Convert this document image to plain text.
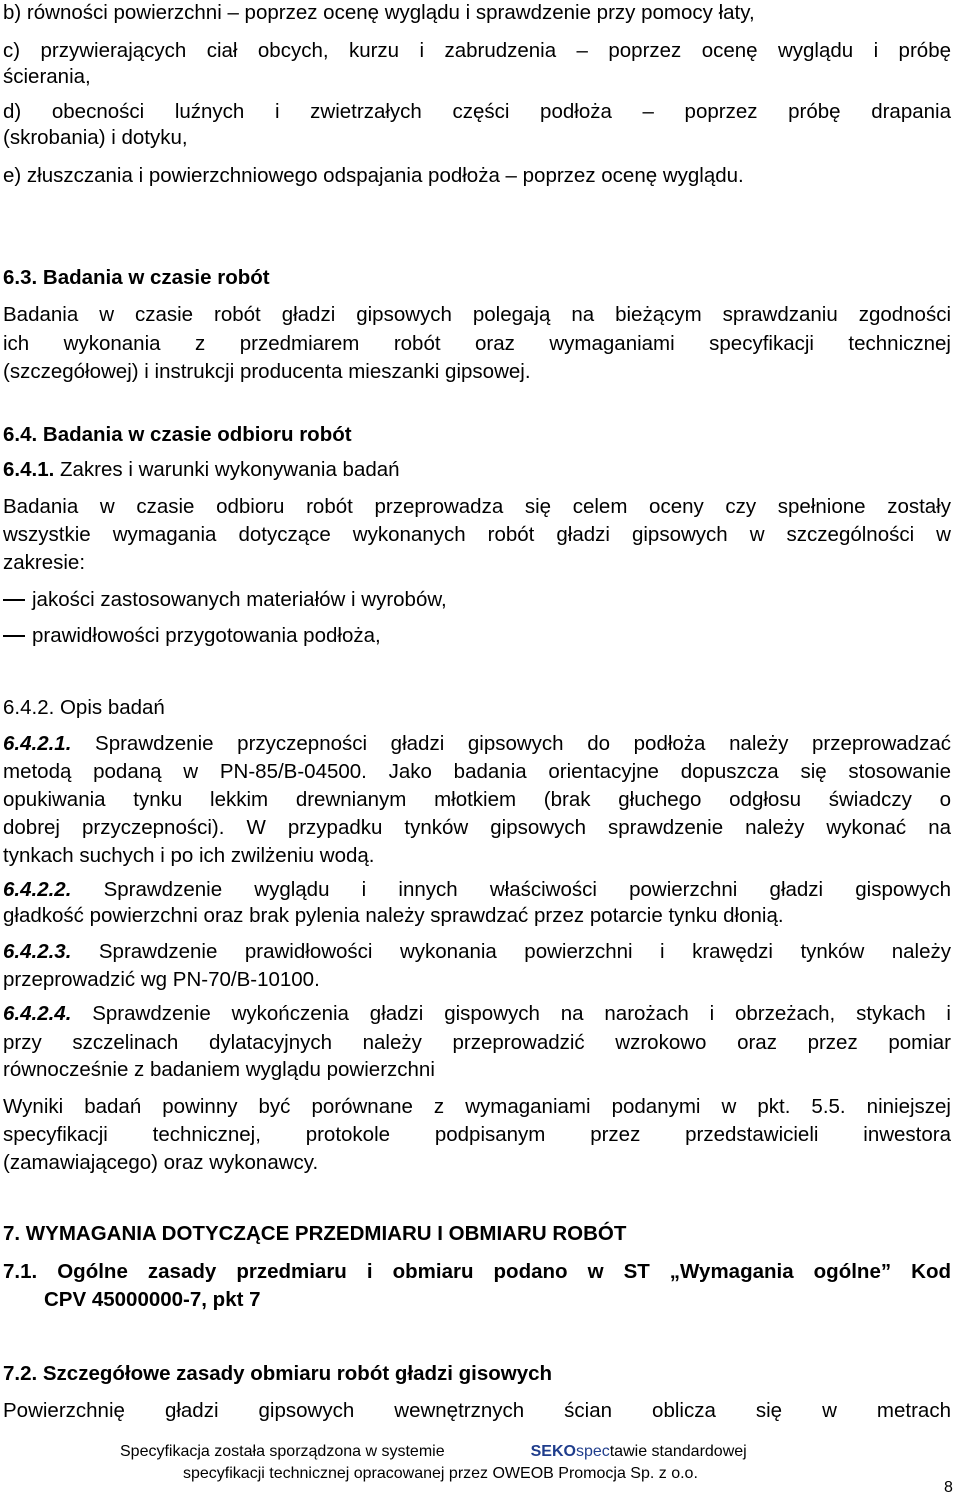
b) równości powierzchni – poprzez ocenę wyglądu i sprawdzenie przy pomocy łaty,
c) przywierających ciał obcych, kurzu i zabrudzenia – poprzez ocenę wyglądu i próbę
ścierania,
d) obecności luźnych i zwietrzałych części podłoża – poprzez próbę drapania
(skrobania) i dotyku,
e) złuszczania i powierzchniowego odspajania podłoża – poprzez ocenę wyglądu.
6.3. Badania w czasie robót
Badania w czasie robót gładzi gipsowych polegają na bieżącym sprawdzaniu zgodności
ich wykonania z przedmiarem robót oraz wymaganiami specyfikacji technicznej
(szczegółowej) i instrukcji producenta mieszanki gipsowej.
6.4. Badania w czasie odbioru robót
6.4.1. Zakres i warunki wykonywania badań
Badania w czasie odbioru robót przeprowadza się celem oceny czy spełnione zostały
wszystkie wymagania dotyczące wykonanych robót gładzi gipsowych w szczególności w
zakresie:
jakości zastosowanych materiałów i wyrobów,
prawidłowości przygotowania podłoża,
6.4.2. Opis badań
6.4.2.1. Sprawdzenie przyczepności gładzi gipsowych do podłoża należy przeprowadzać
metodą podaną w PN-85/B-04500. Jako badania orientacyjne dopuszcza się stosowanie
opukiwania tynku lekkim drewnianym młotkiem (brak głuchego odgłosu świadczy o
dobrej przyczepności). W przypadku tynków gipsowych sprawdzenie należy wykonać na
tynkach suchych i po ich zwilżeniu wodą.
6.4.2.2. Sprawdzenie wyglądu i innych właściwości powierzchni gładzi gispowych
gładkość powierzchni oraz brak pylenia należy sprawdzać przez potarcie tynku dłonią.
6.4.2.3. Sprawdzenie prawidłowości wykonania powierzchni i krawędzi tynków należy
przeprowadzić wg PN-70/B-10100.
6.4.2.4. Sprawdzenie wykończenia gładzi gispowych na narożach i obrzeżach, stykach i
przy szczelinach dylatacyjnych należy przeprowadzić wzrokowo oraz przez pomiar
równocześnie z badaniem wyglądu powierzchni
Wyniki badań powinny być porównane z wymaganiami podanymi w pkt. 5.5. niniejszej
specyfikacji technicznej, protokole podpisanym przez przedstawicieli inwestora
(zamawiającego) oraz wykonawcy.
7. WYMAGANIA DOTYCZĄCE PRZEDMIARU I OBMIARU ROBÓT
7.1. Ogólne zasady przedmiaru i obmiaru podano w ST „Wymagania ogólne” Kod
CPV 45000000-7, pkt 7
7.2. Szczegółowe zasady obmiaru robót gładzi gisowych
Powierzchnię gładzi gipsowych wewnętrznych ścian oblicza się w metrach
Specyfikacja została sporządzona w systemie	SEKOspectawie standardowej
specyfikacji technicznej opracowanej przez OWEOB Promocja Sp. z o.o.
8
